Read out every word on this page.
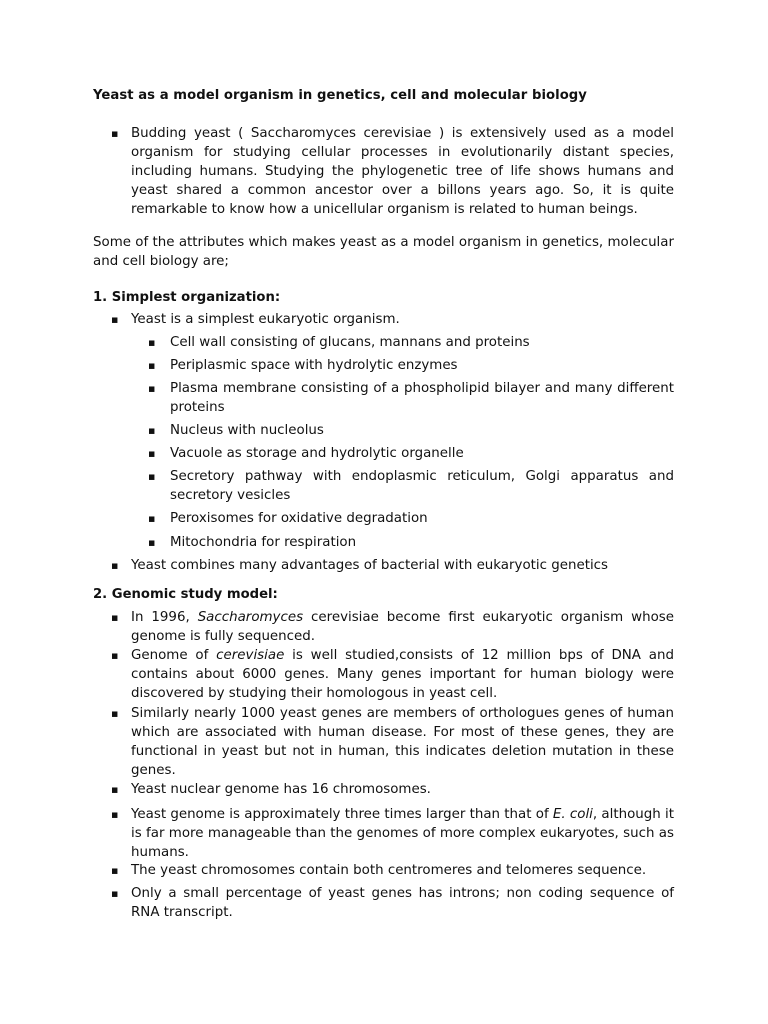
Yeast as a model organism in genetics, cell and molecular biology
▪ Budding yeast ( Saccharomyces cerevisiae ) is extensively used as a model organism for studying cellular processes in evolutionarily distant species, including humans. Studying the phylogenetic tree of life shows humans and yeast shared a common ancestor over a billons years ago. So, it is quite remarkable to know how a unicellular organism is related to human beings.
Some of the attributes which makes yeast as a model organism in genetics, molecular and cell biology are;
1. Simplest organization:
▪ Yeast is a simplest eukaryotic organism.
▪ Cell wall consisting of glucans, mannans and proteins
▪ Periplasmic space with hydrolytic enzymes
▪ Plasma membrane consisting of a phospholipid bilayer and many different proteins
▪ Nucleus with nucleolus
▪ Vacuole as storage and hydrolytic organelle
▪ Secretory pathway with endoplasmic reticulum, Golgi apparatus and secretory vesicles
▪ Peroxisomes for oxidative degradation
▪ Mitochondria for respiration
▪ Yeast combines many advantages of bacterial with eukaryotic genetics
2. Genomic study model:
▪ In 1996, Saccharomyces cerevisiae become first eukaryotic organism whose genome is fully sequenced.
▪ Genome of cerevisiae is well studied,consists of 12 million bps of DNA and contains about 6000 genes. Many genes important for human biology were discovered by studying their homologous in yeast cell.
▪ Similarly nearly 1000 yeast genes are members of orthologues genes of human which are associated with human disease. For most of these genes, they are functional in yeast but not in human, this indicates deletion mutation in these genes.
▪ Yeast nuclear genome has 16 chromosomes.
▪ Yeast genome is approximately three times larger than that of E. coli, although it is far more manageable than the genomes of more complex eukaryotes, such as humans.
▪ The yeast chromosomes contain both centromeres and telomeres sequence.
▪ Only a small percentage of yeast genes has introns; non coding sequence of RNA transcript.
